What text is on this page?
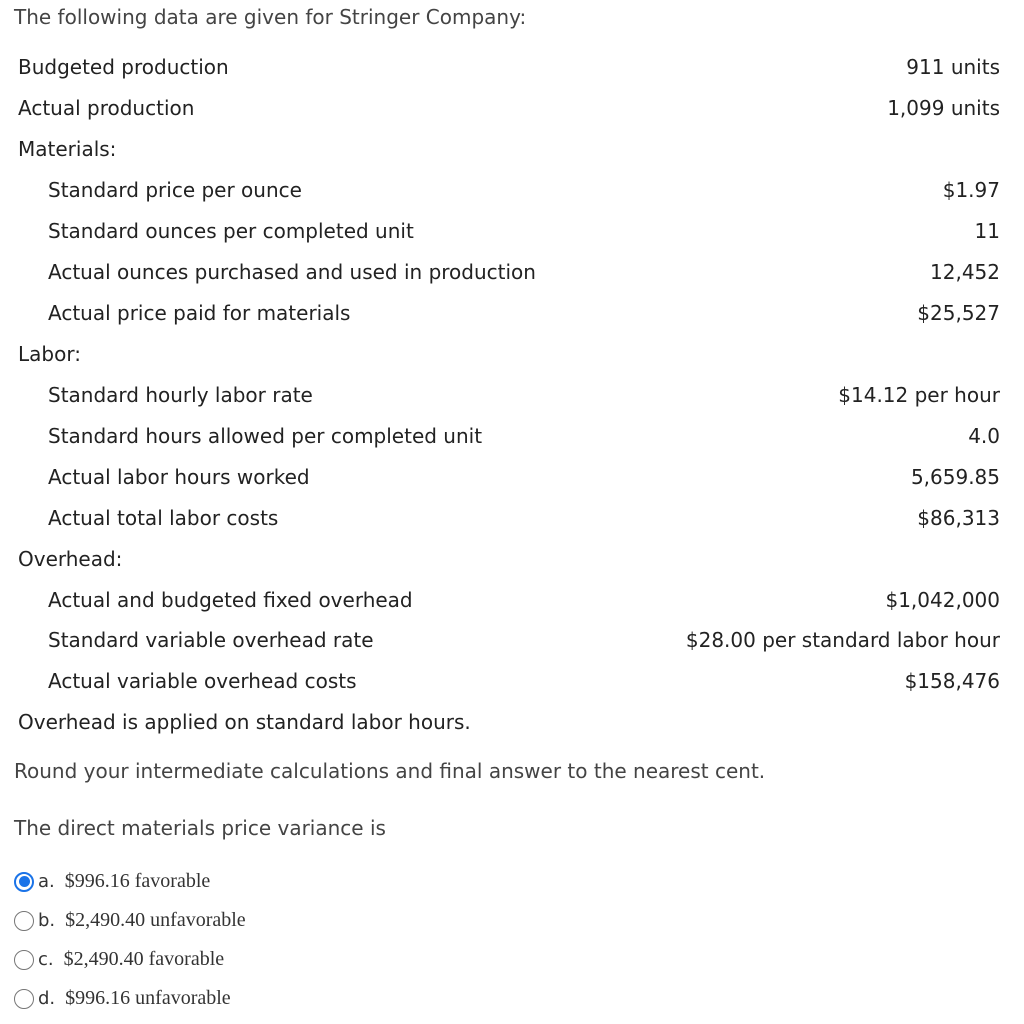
The following data are given for Stringer Company:

Budgeted production	911 units
Actual production	1,099 units
Materials:
Standard price per ounce	$1.97
Standard ounces per completed unit	11
Actual ounces purchased and used in production	12,452
Actual price paid for materials	$25,527
Labor:
Standard hourly labor rate	$14.12 per hour
Standard hours allowed per completed unit	4.0
Actual labor hours worked	5,659.85
Actual total labor costs	$86,313
Overhead:
Actual and budgeted fixed overhead	$1,042,000
Standard variable overhead rate	$28.00 per standard labor hour
Actual variable overhead costs	$158,476
Overhead is applied on standard labor hours.

Round your intermediate calculations and final answer to the nearest cent.

The direct materials price variance is

a. $996.16 favorable
b. $2,490.40 unfavorable
c. $2,490.40 favorable
d. $996.16 unfavorable
